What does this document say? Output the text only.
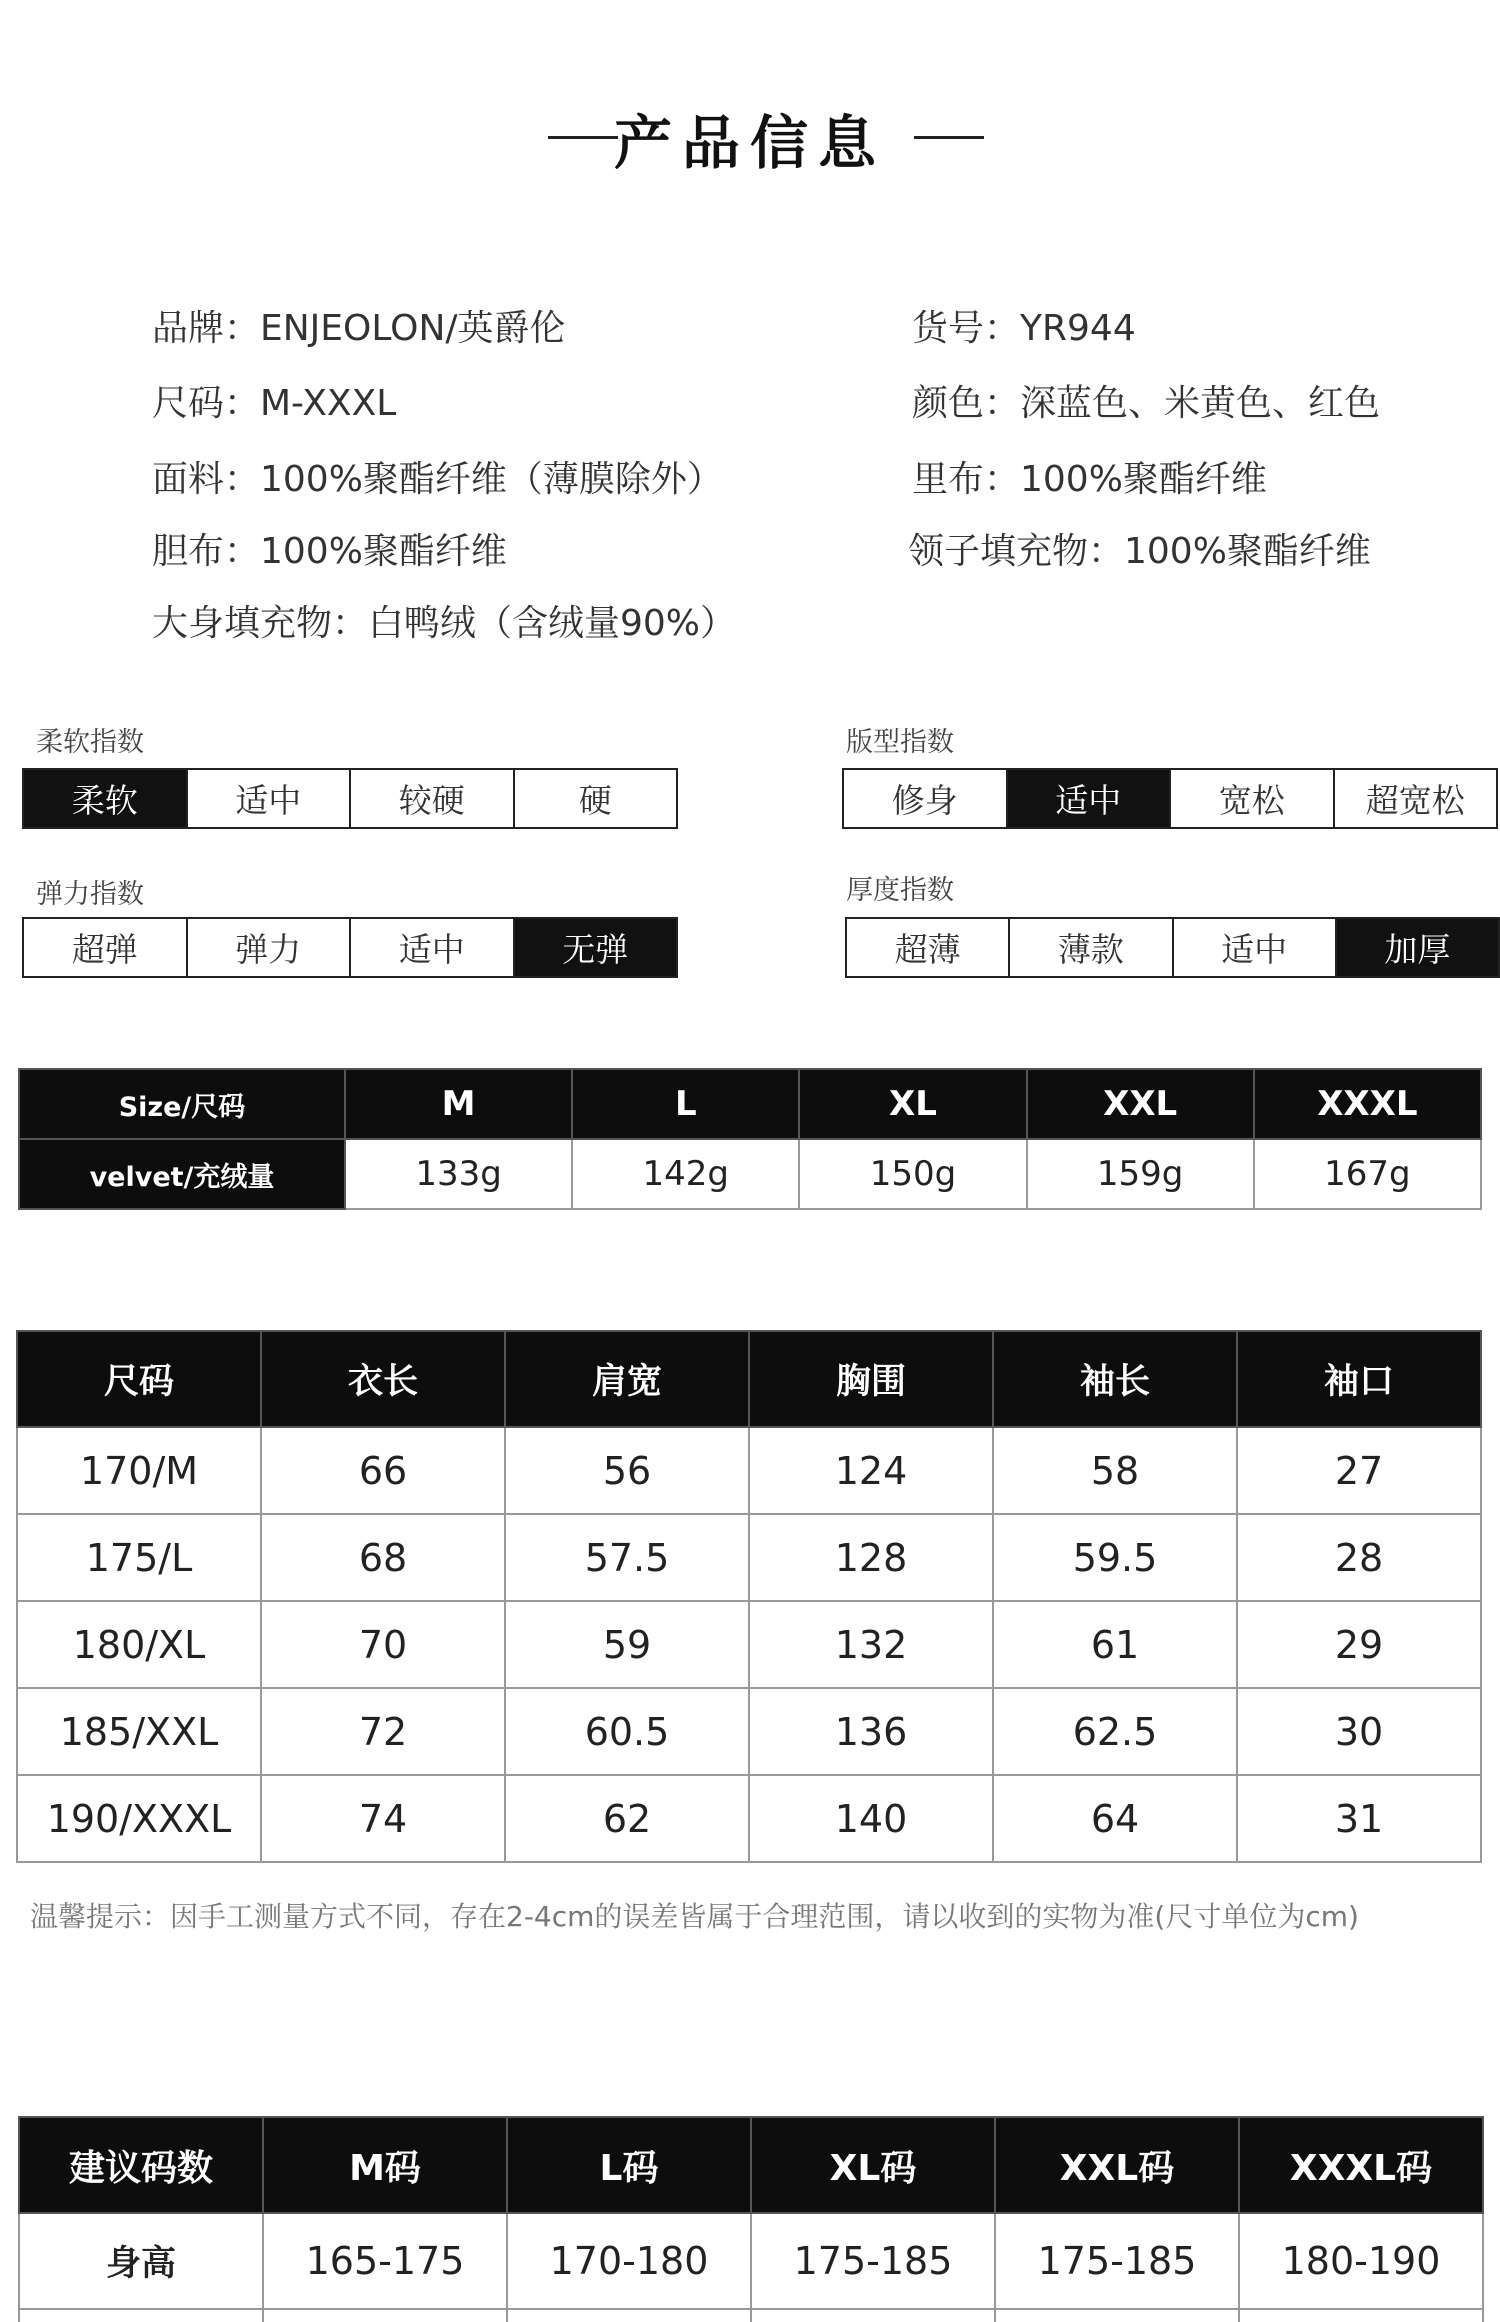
产品信息
品牌：ENJEOLON/英爵伦	货号：YR944
尺码：M-XXXL	颜色：深蓝色、米黄色、红色
面料：100%聚酯纤维（薄膜除外）	里布：100%聚酯纤维
胆布：100%聚酯纤维	领子填充物：100%聚酯纤维
大身填充物：白鸭绒（含绒量90%）
柔软指数
柔软	适中	较硬	硬
版型指数
修身	适中	宽松	超宽松
弹力指数
超弹	弹力	适中	无弹
厚度指数
超薄	薄款	适中	加厚
Size/尺码	M	L	XL	XXL	XXXL
velvet/充绒量	133g	142g	150g	159g	167g
尺码	衣长	肩宽	胸围	袖长	袖口
170/M	66	56	124	58	27
175/L	68	57.5	128	59.5	28
180/XL	70	59	132	61	29
185/XXL	72	60.5	136	62.5	30
190/XXXL	74	62	140	64	31
温馨提示：因手工测量方式不同，存在2-4cm的误差皆属于合理范围，请以收到的实物为准(尺寸单位为cm)
建议码数	M码	L码	XL码	XXL码	XXXL码
身高	165-175	170-180	175-185	175-185	180-190
